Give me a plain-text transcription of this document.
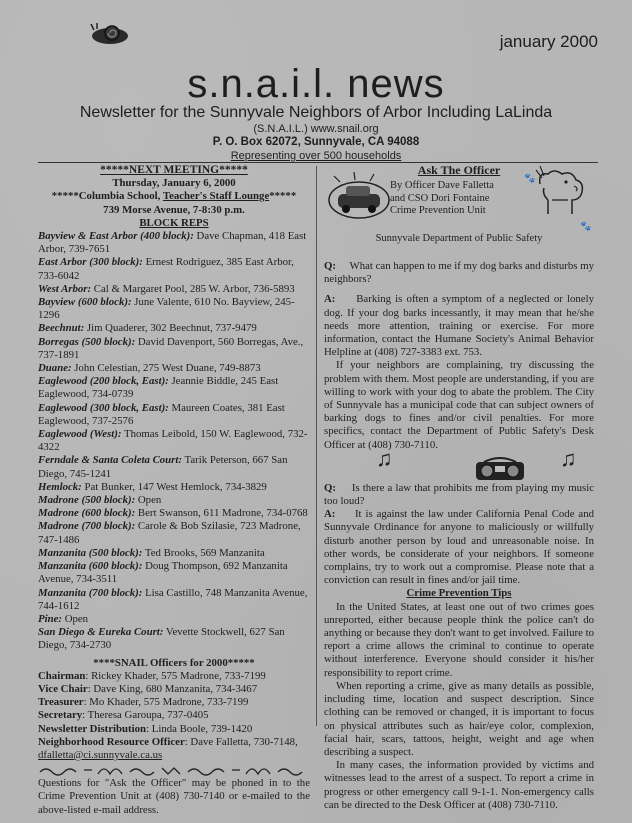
january 2000
s.n.a.i.l. news
Newsletter for the Sunnyvale Neighbors of Arbor Including LaLinda
(S.N.A.I.L.) www.snail.org
P. O. Box 62072, Sunnyvale, CA 94088
Representing over 500 households
*****NEXT MEETING*****
Thursday, January 6, 2000
*****Columbia School, Teacher's Staff Lounge*****
739 Morse Avenue, 7-8:30 p.m.
BLOCK REPS

Bayview & East Arbor (400 block): Dave Chapman, 418 East Arbor, 739-7651

East Arbor (300 block): Ernest Rodriguez, 385 East Arbor, 733-6042

West Arbor: Cal & Margaret Pool, 285 W. Arbor, 736-5893

Bayview (600 block): June Valente, 610 No. Bayview, 245-1296

Beechnut: Jim Quaderer, 302 Beechnut, 737-9479

Borregas (500 block): David Davenport, 560 Borregas, Ave., 737-1891

Duane: John Celestian, 275 West Duane, 749-8873

Eaglewood (200 block, East): Jeannie Biddle, 245 East Eaglewood, 734-0739

Eaglewood (300 block, East): Maureen Coates, 381 East Eaglewood, 737-2576

Eaglewood (West): Thomas Leibold, 150 W. Eaglewood, 732-4322

Ferndale & Santa Coleta Court: Tarik Peterson, 667 San Diego, 745-1241

Hemlock: Pat Bunker, 147 West Hemlock, 734-3829

Madrone (500 block): Open

Madrone (600 block): Bert Swanson, 611 Madrone, 734-0768

Madrone (700 block): Carole & Bob Szilasie, 723 Madrone, 747-1486

Manzanita (500 block): Ted Brooks, 569 Manzanita

Manzanita (600 block): Doug Thompson, 692 Manzanita Avenue, 734-3511

Manzanita (700 block): Lisa Castillo, 748 Manzanita Avenue, 744-1612

Pine: Open

San Diego & Eureka Court: Vevette Stockwell, 627 San Diego, 734-2730

****SNAIL Officers for 2000*****

Chairman: Rickey Khader, 575 Madrone, 733-7199

Vice Chair: Dave King, 680 Manzanita, 734-3467

Treasurer: Mo Khader, 575 Madrone, 733-7199

Secretary: Theresa Garoupa, 737-0405

Newsletter Distribution: Linda Boole, 739-1420

Neighborhood Resource Officer: Dave Falletta, 730-7148,

dfalletta@ci.sunnyvale.ca.us

Questions for "Ask the Officer" may be phoned in to the Crime Prevention Unit at (408) 730-7140 or e-mailed to the above-listed e-mail address.

Ask The Officer
By Officer Dave Falletta
and CSO Dori Fontaine
Crime Prevention Unit
🐾
🐾
Sunnyvale Department of Public Safety

Q: What can happen to me if my dog barks and disturbs my neighbors?

A: Barking is often a symptom of a neglected or lonely dog. If your dog barks incessantly, it may mean that he/she needs more attention, training or exercise. For more information, contact the Humane Society's Animal Behavior Helpline at (408) 727-3383 ext. 753.

If your neighbors are complaining, try discussing the problem with them. Most people are understanding, if you are willing to work with your dog to abate the problem. The City of Sunnyvale has a municipal code that can subject owners of barking dogs to fines and/or civil penalties. For more specifics, contact the Department of Public Safety's Desk Officer at (408) 730-7110.

♫	♫

Q: Is there a law that prohibits me from playing my music too loud?

A: It is against the law under California Penal Code and Sunnyvale Ordinance for anyone to maliciously or willfully disturb another person by loud and unreasonable noise. In other words, be considerate of your neighbors. If someone complains, try to work out a compromise. Please note that a conviction can result in fines and/or jail time.

Crime Prevention Tips

In the United States, at least one out of two crimes goes unreported, either because people think the police can't do anything or because they don't want to get involved. Failure to report a crime allows the criminal to continue to operate without interference. Everyone should consider it his/her responsibility to report crime.

When reporting a crime, give as many details as possible, including time, location and suspect description. Since clothing can be removed or changed, it is important to focus on physical attributes such as hair/eye color, complexion, facial hair, scars, tattoos, height, weight and age when describing a suspect.

In many cases, the information provided by victims and witnesses lead to the arrest of a suspect. To report a crime in progress or other emergency call 9-1-1. Non-emergency calls can be directed to the Desk Officer at (408) 730-7110.
